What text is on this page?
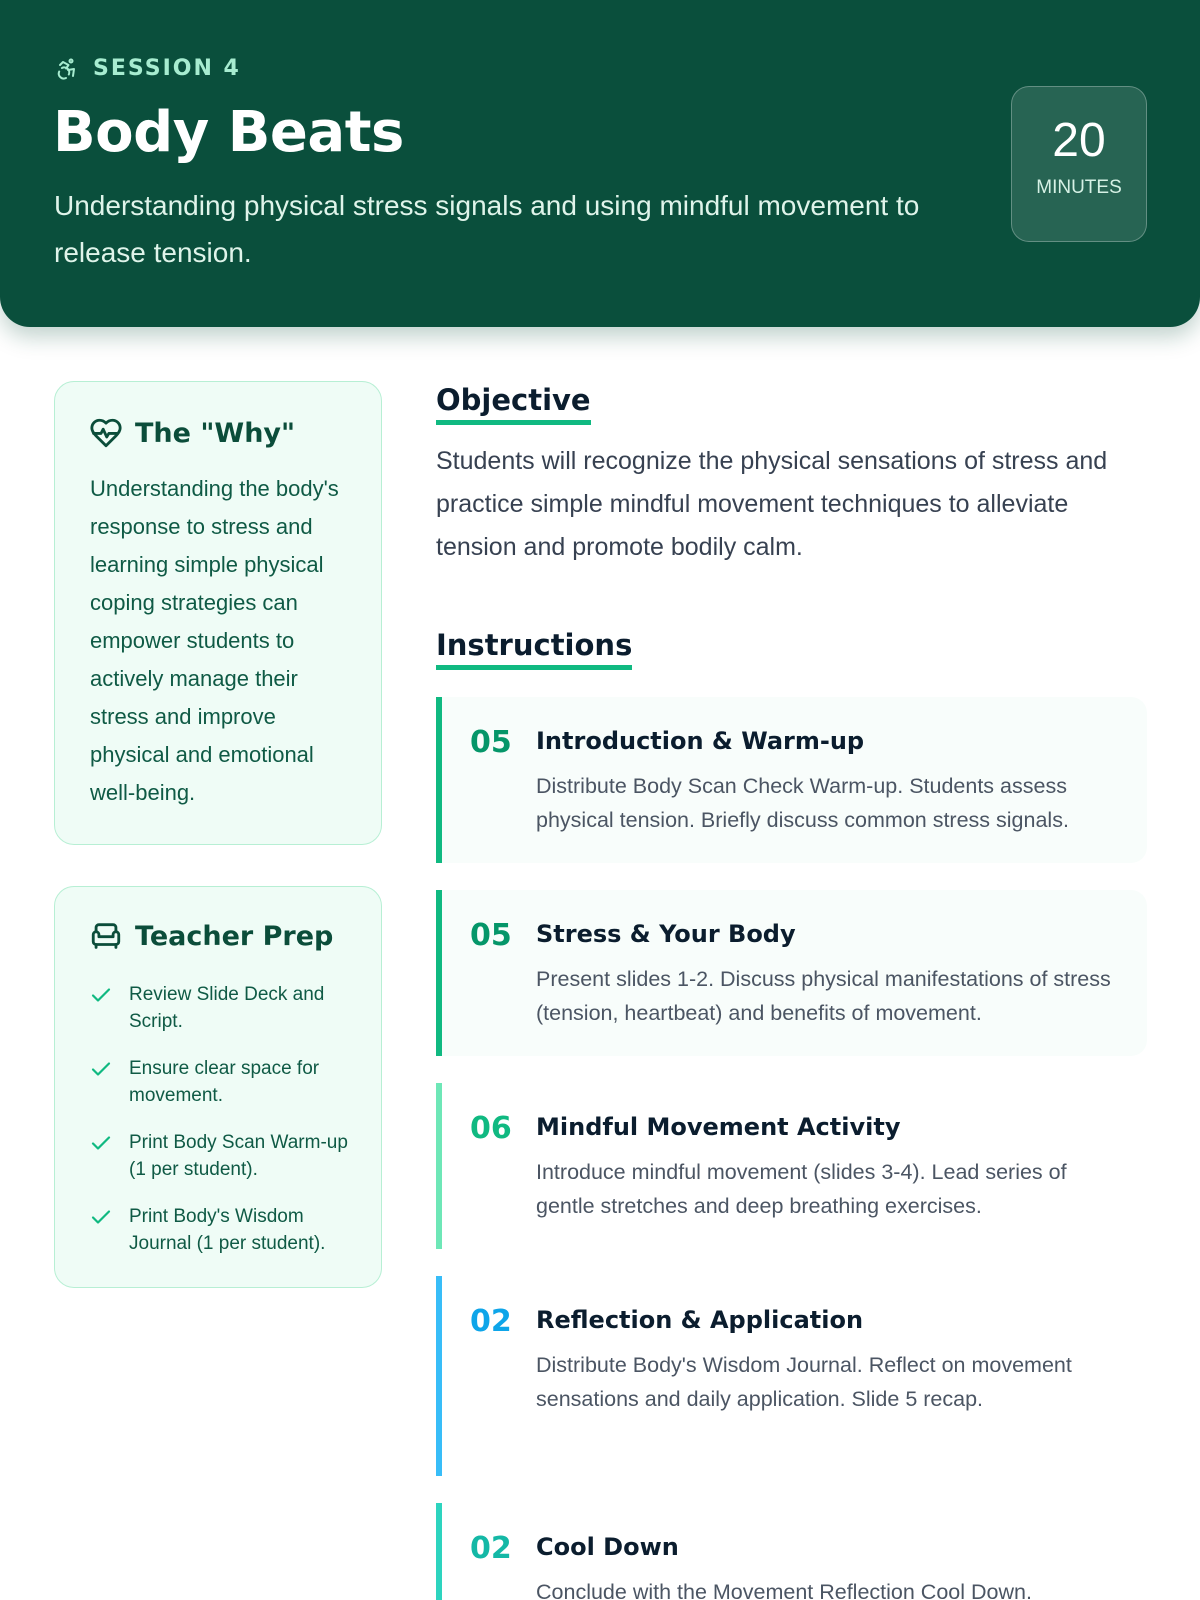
SESSION 4
Body Beats

Understanding physical stress signals and using mindful movement to release tension.

20
MINUTES
The "Why"

Understanding the body's response to stress and learning simple physical coping strategies can empower students to actively manage their stress and improve physical and emotional well-being.

Teacher Prep
Review Slide Deck and Script.
Ensure clear space for movement.
Print Body Scan Warm-up (1 per student).
Print Body's Wisdom Journal (1 per student).
Objective

Students will recognize the physical sensations of stress and practice simple mindful movement techniques to alleviate tension and promote bodily calm.

Instructions
05 Introduction & Warm-up

Distribute Body Scan Check Warm-up. Students assess physical tension. Briefly discuss common stress signals.

05 Stress & Your Body

Present slides 1-2. Discuss physical manifestations of stress (tension, heartbeat) and benefits of movement.

06 Mindful Movement Activity

Introduce mindful movement (slides 3-4). Lead series of gentle stretches and deep breathing exercises.

02 Reflection & Application

Distribute Body's Wisdom Journal. Reflect on movement sensations and daily application. Slide 5 recap.

02 Cool Down

Conclude with the Movement Reflection Cool Down.
